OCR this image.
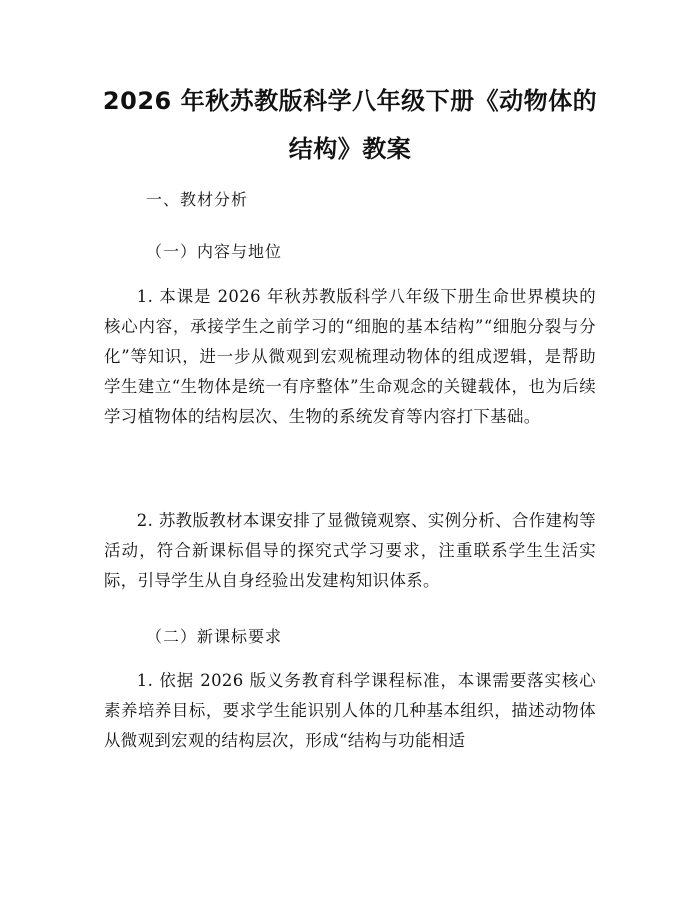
2026 年秋苏教版科学八年级下册《动物体的
结构》教案
一、教材分析
（一）内容与地位

1. 本课是 2026 年秋苏教版科学八年级下册生命世界模块的核心内容，承接学生之前学习的“细胞的基本结构”“细胞分裂与分化”等知识，进一步从微观到宏观梳理动物体的组成逻辑，是帮助学生建立“生物体是统一有序整体”生命观念的关键载体，也为后续学习植物体的结构层次、生物的系统发育等内容打下基础。

2. 苏教版教材本课安排了显微镜观察、实例分析、合作建构等活动，符合新课标倡导的探究式学习要求，注重联系学生生活实际，引导学生从自身经验出发建构知识体系。

（二）新课标要求

1. 依据 2026 版义务教育科学课程标准，本课需要落实核心素养培养目标，要求学生能识别人体的几种基本组织，描述动物体从微观到宏观的结构层次，形成“结构与功能相适
